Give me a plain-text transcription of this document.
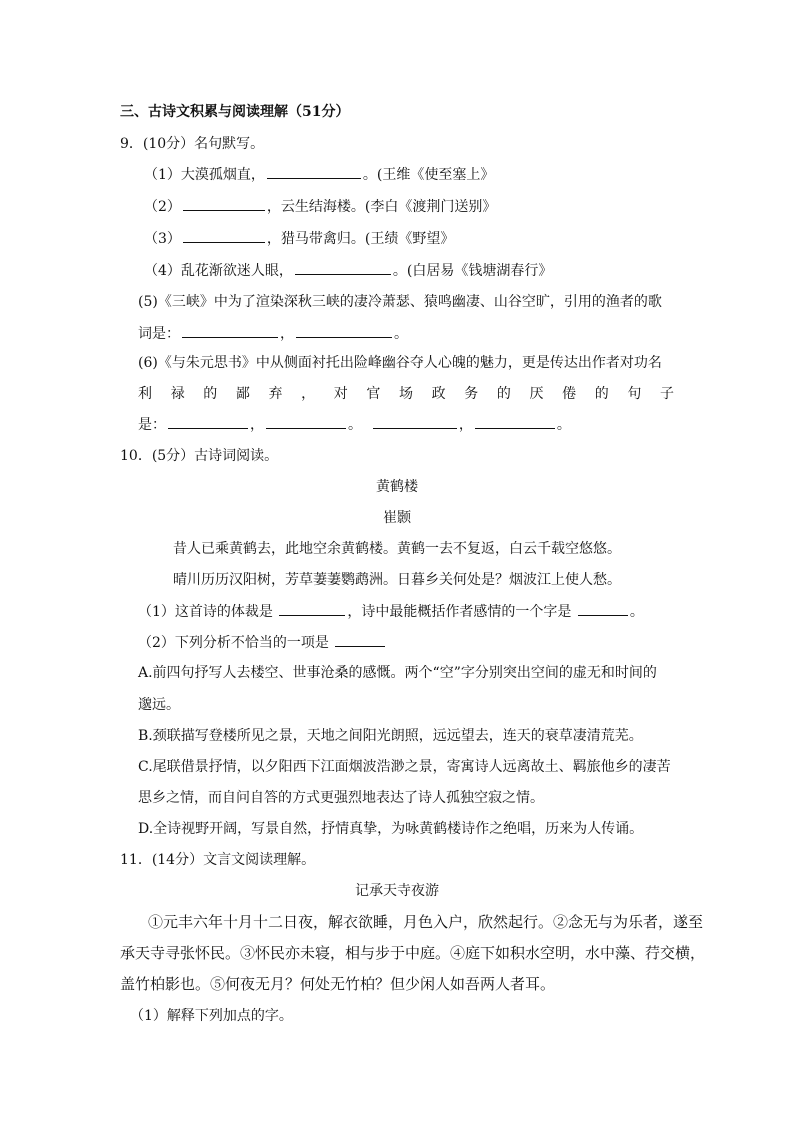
三、古诗文积累与阅读理解（51分）
9．(10分）名句默写。
（1）大漠孤烟直，	。(王维《使至塞上》
（2）	，云生结海楼。(李白《渡荆门送别》
（3）	，猎马带禽归。(王绩《野望》
（4）乱花渐欲迷人眼，	。(白居易《钱塘湖春行》
(5)《三峡》中为了渲染深秋三峡的凄冷萧瑟、猿鸣幽凄、山谷空旷，引用的渔者的歌
词是：	，	。
(6)《与朱元思书》中从侧面衬托出险峰幽谷夺人心魄的魅力，更是传达出作者对功名
利 禄 的 鄙 弃 ， 对 官 场 政 务 的 厌 倦 的 句 子
是：	，	。	，	。
10．(5分）古诗词阅读。
黄鹤楼
崔颢
昔人已乘黄鹤去，此地空余黄鹤楼。黄鹤一去不复返，白云千载空悠悠。
晴川历历汉阳树，芳草萋萋鹦鹉洲。日暮乡关何处是？烟波江上使人愁。
（1）这首诗的体裁是	，诗中最能概括作者感情的一个字是	。
（2）下列分析不恰当的一项是
A.前四句抒写人去楼空、世事沧桑的感慨。两个“空”字分别突出空间的虚无和时间的
邈远。
B.颈联描写登楼所见之景，天地之间阳光朗照，远远望去，连天的衰草凄清荒芜。
C.尾联借景抒情，以夕阳西下江面烟波浩渺之景，寄寓诗人远离故土、羁旅他乡的凄苦
思乡之情，而自问自答的方式更强烈地表达了诗人孤独空寂之情。
D.全诗视野开阔，写景自然，抒情真挚，为咏黄鹤楼诗作之绝唱，历来为人传诵。
11．(14分）文言文阅读理解。
记承天寺夜游
①元丰六年十月十二日夜，解衣欲睡，月色入户，欣然起行。②念无与为乐者，遂至
承天寺寻张怀民。③怀民亦未寝，相与步于中庭。④庭下如积水空明，水中藻、荇交横，
盖竹柏影也。⑤何夜无月？何处无竹柏？但少闲人如吾两人者耳。
（1）解释下列加点的字。
